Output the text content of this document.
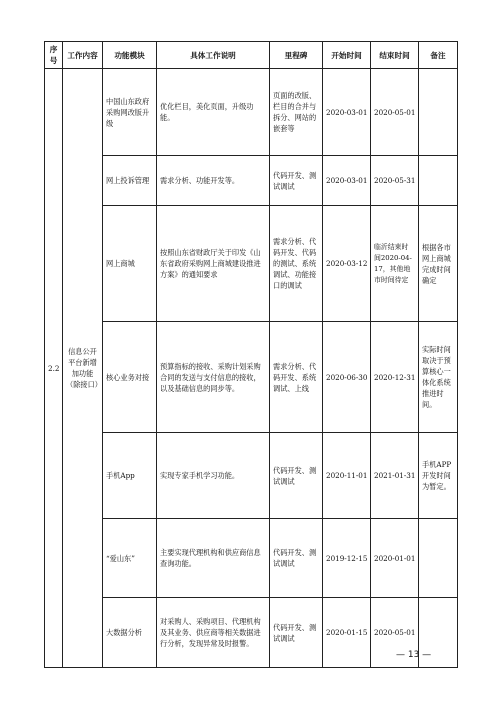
序号	工作内容	功能模块	具体工作说明	里程碑	开始时间	结束时间	备注
2.2	信息公开平台新增加功能（除接口）	中国山东政府采购网改版升级	优化栏目，美化页面，升级功能。	页面的改版、栏目的合并与拆分、网站的嵌套等	2020-03-01	2020-05-01	
		网上投诉管理	需求分析、功能开发等。	代码开发、测试调试	2020-03-01	2020-05-31	
		网上商城	按照山东省财政厅关于印发《山东省政府采购网上商城建设推进方案》的通知要求	需求分析、代码开发、代码的测试、系统调试、功能接口的调试	2020-03-12	临沂结束时间2020-04-17，其他地市时间待定	根据各市网上商城完成时间确定
		核心业务对接	预算指标的接收、采购计划采购合同的发送与支付信息的接收，以及基础信息的同步等。	需求分析、代码开发、系统调试、上线	2020-06-30	2020-12-31	实际时间取决于预算核心一体化系统推进时间。
		手机App	实现专家手机学习功能。	代码开发、测试调试	2020-11-01	2021-01-31	手机APP开发时间为暂定。
		“爱山东”	主要实现代理机构和供应商信息查询功能。	代码开发、测试调试	2019-12-15	2020-01-01	
		大数据分析	对采购人、采购项目、代理机构及其业务、供应商等相关数据进行分析，发现异常及时报警。	代码开发、测试调试	2020-01-15	2020-05-01	
— 13 —
